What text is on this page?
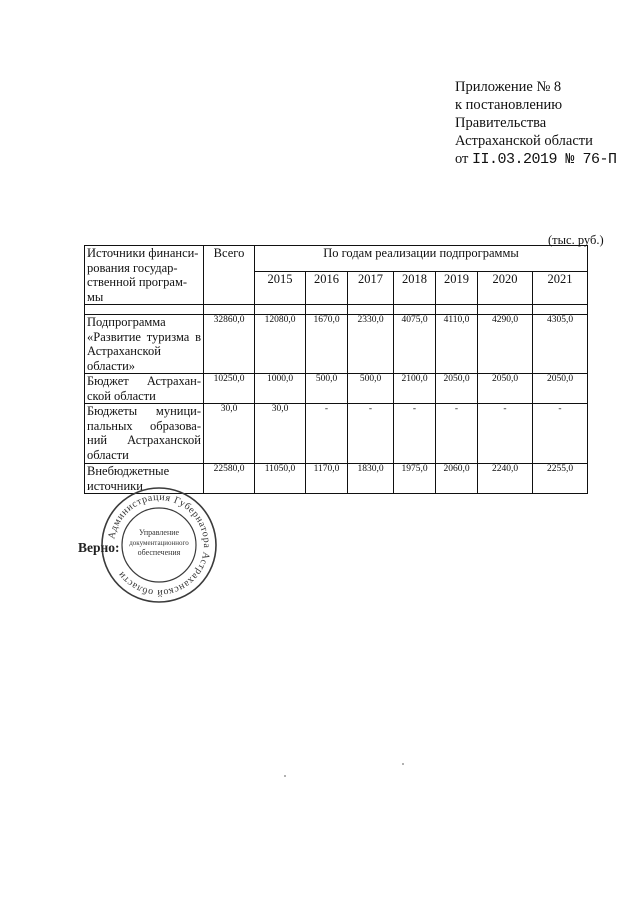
Приложение № 8
к постановлению
Правительства
Астраханской области
от II.03.2019 № 76-П
(тыс. руб.)
Источники финанси-рования государ-ственной програм-мы	Всего	По годам реализации подпрограммы						
		2015	2016	2017	2018	2019	2020	2021

Подпрограмма «Развитие туризма в Астраханской области»	32860,0	12080,0	1670,0	2330,0	4075,0	4110,0	4290,0	4305,0
Бюджет Астрахан-ской области	10250,0	1000,0	500,0	500,0	2100,0	2050,0	2050,0	2050,0
Бюджеты муници-пальных образова-ний Астраханской области	30,0	30,0	-	-	-	-	-	-
Внебюджетные источники	22580,0	11050,0	1170,0	1830,0	1975,0	2060,0	2240,0	2255,0
Администрация Губернатора Астраханской области
Управление
документационного
обеспечения
Верно:
